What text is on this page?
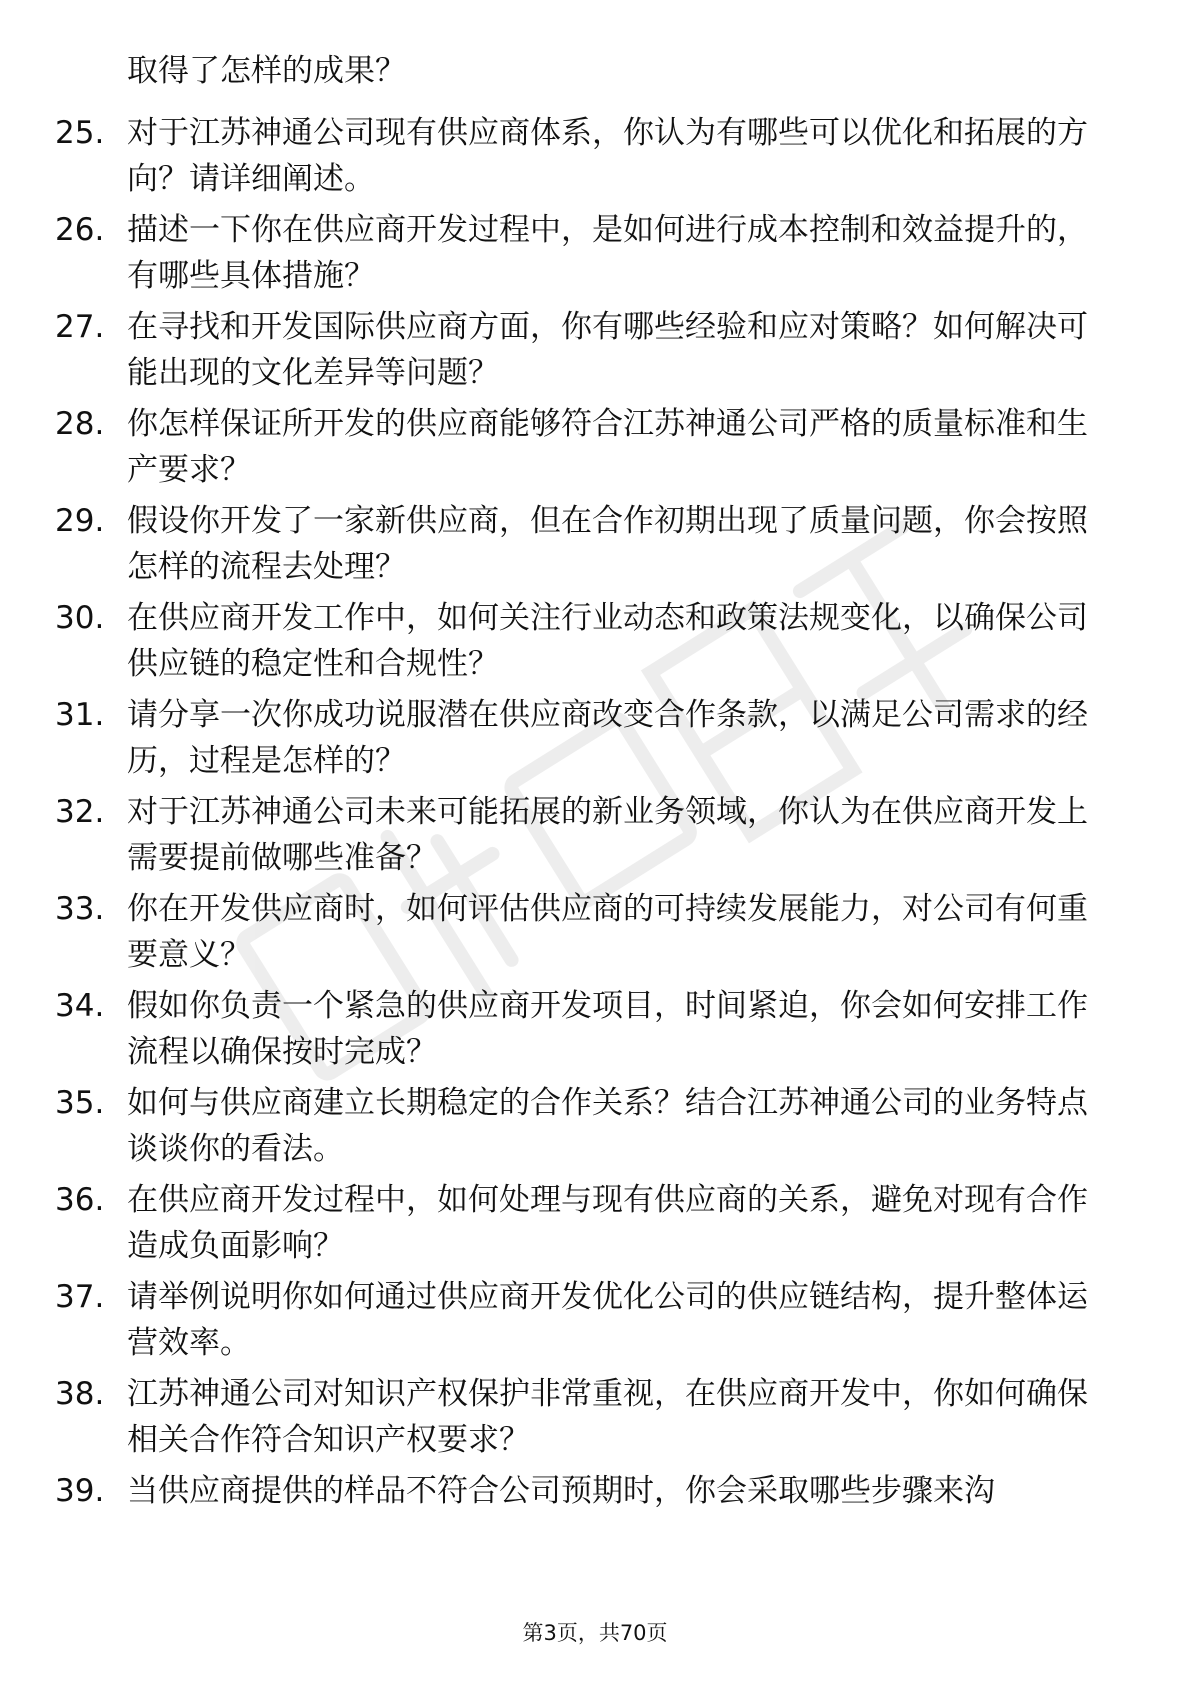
取得了怎样的成果？
25. 对于江苏神通公司现有供应商体系，你认为有哪些可以优化和拓展的方向？请详细阐述。
26. 描述一下你在供应商开发过程中，是如何进行成本控制和效益提升的，有哪些具体措施？
27. 在寻找和开发国际供应商方面，你有哪些经验和应对策略？如何解决可能出现的文化差异等问题？
28. 你怎样保证所开发的供应商能够符合江苏神通公司严格的质量标准和生产要求？
29. 假设你开发了一家新供应商，但在合作初期出现了质量问题，你会按照怎样的流程去处理？
30. 在供应商开发工作中，如何关注行业动态和政策法规变化，以确保公司供应链的稳定性和合规性？
31. 请分享一次你成功说服潜在供应商改变合作条款，以满足公司需求的经历，过程是怎样的？
32. 对于江苏神通公司未来可能拓展的新业务领域，你认为在供应商开发上需要提前做哪些准备？
33. 你在开发供应商时，如何评估供应商的可持续发展能力，对公司有何重要意义？
34. 假如你负责一个紧急的供应商开发项目，时间紧迫，你会如何安排工作流程以确保按时完成？
35. 如何与供应商建立长期稳定的合作关系？结合江苏神通公司的业务特点谈谈你的看法。
36. 在供应商开发过程中，如何处理与现有供应商的关系，避免对现有合作造成负面影响？
37. 请举例说明你如何通过供应商开发优化公司的供应链结构，提升整体运营效率。
38. 江苏神通公司对知识产权保护非常重视，在供应商开发中，你如何确保相关合作符合知识产权要求？
39. 当供应商提供的样品不符合公司预期时，你会采取哪些步骤来沟
第3页，共70页
